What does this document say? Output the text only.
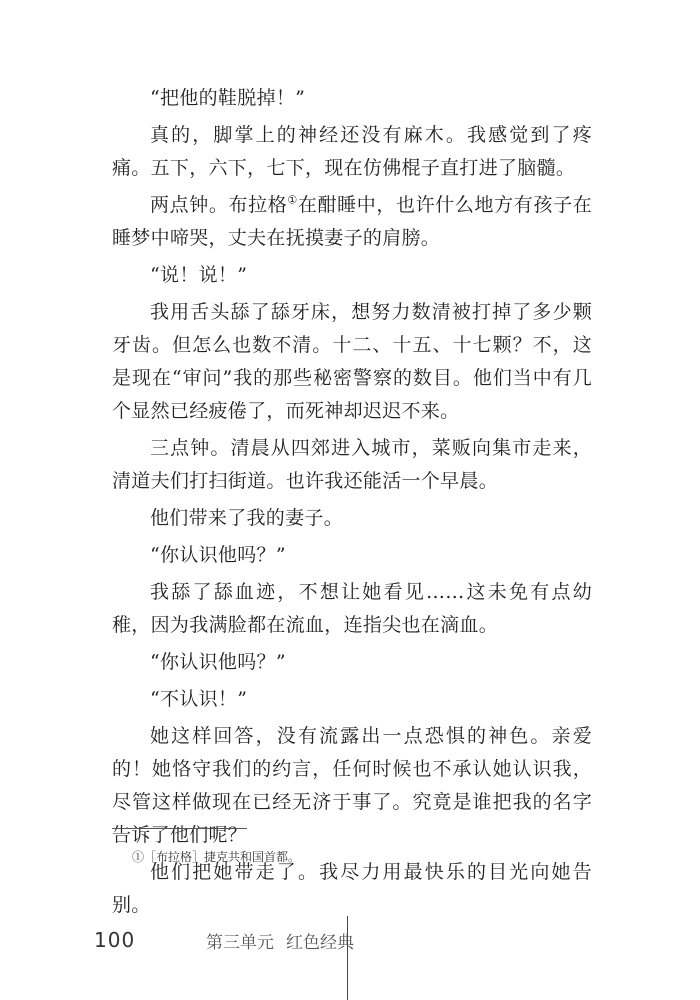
“把他的鞋脱掉！”

真的，脚掌上的神经还没有麻木。我感觉到了疼痛。五下，六下，七下，现在仿佛棍子直打进了脑髓。

两点钟。布拉格①在酣睡中，也许什么地方有孩子在睡梦中啼哭，丈夫在抚摸妻子的肩膀。

“说！说！”

我用舌头舔了舔牙床，想努力数清被打掉了多少颗牙齿。但怎么也数不清。十二、十五、十七颗？不，这是现在“审问”我的那些秘密警察的数目。他们当中有几个显然已经疲倦了，而死神却迟迟不来。

三点钟。清晨从四郊进入城市，菜贩向集市走来，清道夫们打扫街道。也许我还能活一个早晨。

他们带来了我的妻子。

“你认识他吗？”

我舔了舔血迹，不想让她看见……这未免有点幼稚，因为我满脸都在流血，连指尖也在滴血。

“你认识他吗？”

“不认识！”

她这样回答，没有流露出一点恐惧的神色。亲爱的！她恪守我们的约言，任何时候也不承认她认识我，尽管这样做现在已经无济于事了。究竟是谁把我的名字告诉了他们呢？

他们把她带走了。我尽力用最快乐的目光向她告别。

①［布拉格］捷克共和国首都。
100	第三单元 红色经典
